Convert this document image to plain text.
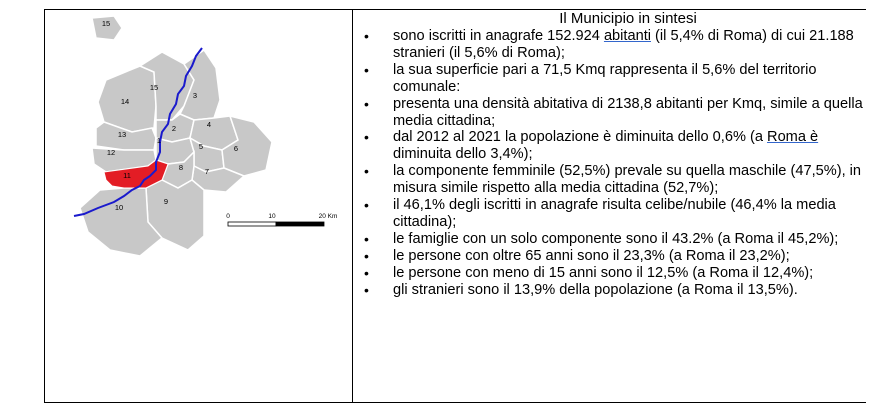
1
2
3
4
5	6
7
8
9
10
11
12
13
14
15
15
0	10	20 Km
Il Municipio in sintesi
• sono iscritti in anagrafe 152.924 abitanti (il 5,4% di Roma) di cui 21.188 stranieri (il 5,6% di Roma);
• la sua superficie pari a 71,5 Kmq rappresenta il 5,6% del territorio comunale:
• presenta una densità abitativa di 2138,8 abitanti per Kmq, simile a quella media cittadina;
• dal 2012 al 2021 la popolazione è diminuita dello 0,6% (a Roma è diminuita dello 3,4%);
• la componente femminile (52,5%) prevale su quella maschile (47,5%), in misura simile rispetto alla media cittadina (52,7%);
• il 46,1% degli iscritti in anagrafe risulta celibe/nubile (46,4% la media cittadina);
• le famiglie con un solo componente sono il 43.2% (a Roma il 45,2%);
• le persone con oltre 65 anni sono il 23,3% (a Roma il 23,2%);
• le persone con meno di 15 anni sono il 12,5% (a Roma il 12,4%);
• gli stranieri sono il 13,9% della popolazione (a Roma il 13,5%).
